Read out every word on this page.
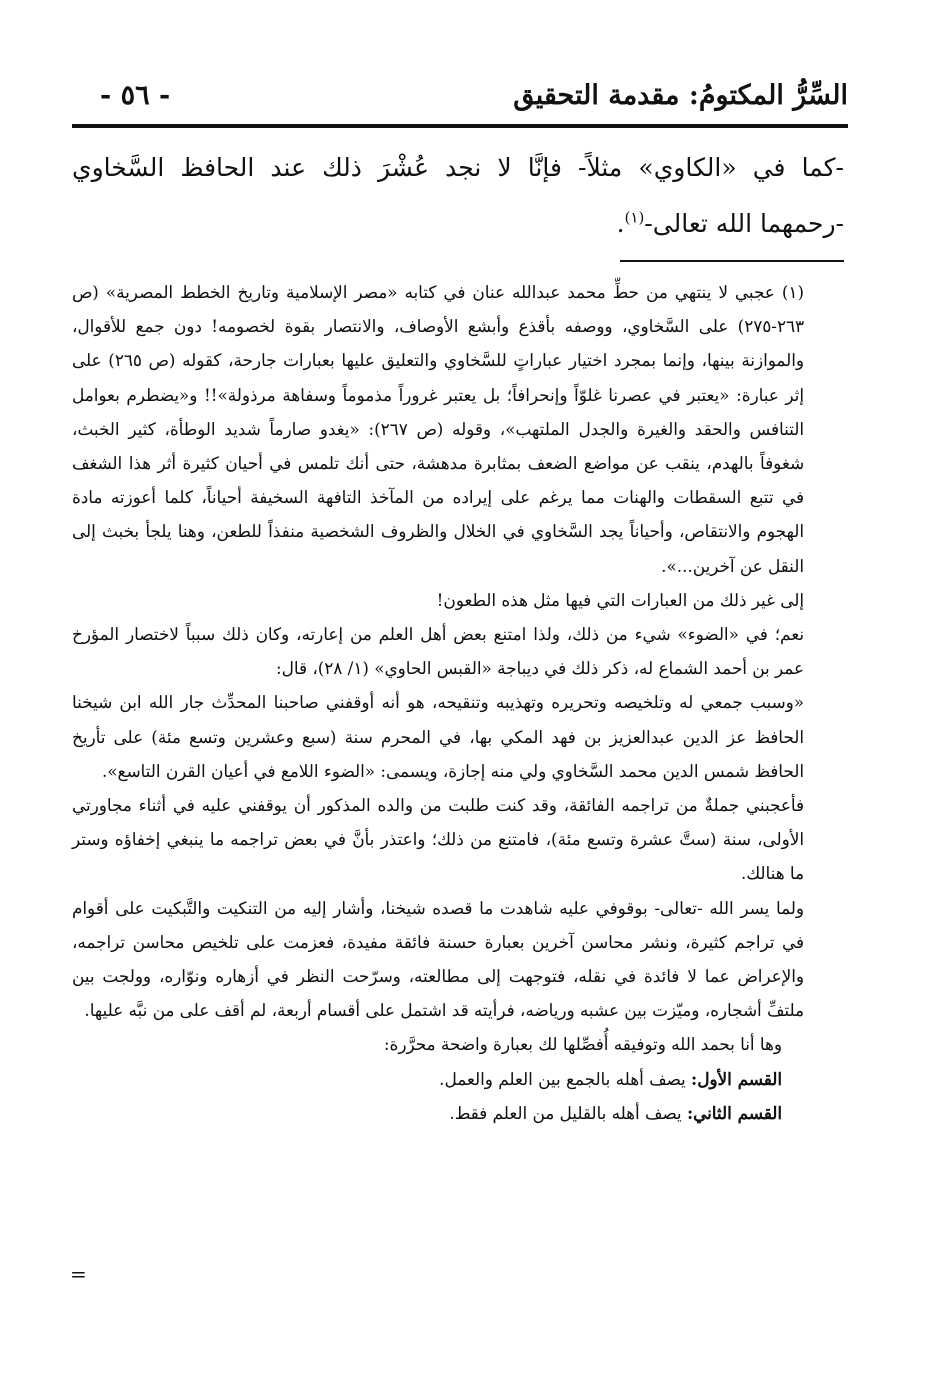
السِّرُّ المكتومُ: مقدمة التحقيق
- ٥٦ -

-كما في «الكاوي» مثلاً- فإنَّا لا نجد عُشْرَ ذلك عند الحافظ السَّخاوي -رحمهما الله تعالى-$^{(١)}$.

(١) عجبي لا ينتهي من حطِّ محمد عبدالله عنان في كتابه «مصر الإسلامية وتاريخ الخطط المصرية» (ص ٢٦٣-٢٧٥) على السَّخاوي، ووصفه بأقذع وأبشع الأوصاف، والانتصار بقوة لخصومه! دون جمع للأقوال، والموازنة بينها، وإنما بمجرد اختيار عباراتٍ للسَّخاوي والتعليق عليها بعبارات جارحة، كقوله (ص ٢٦٥) على إثر عبارة: «يعتبر في عصرنا غلوّاً وإنحرافاً؛ بل يعتبر غروراً مذموماً وسفاهة مرذولة»!! و«يضطرم بعوامل التنافس والحقد والغيرة والجدل الملتهب»، وقوله (ص ٢٦٧): «يغدو صارماً شديد الوطأة، كثير الخبث، شغوفاً بالهدم، ينقب عن مواضع الضعف بمثابرة مدهشة، حتى أنك تلمس في أحيان كثيرة أثر هذا الشغف في تتبع السقطات والهنات مما يرغم على إيراده من المآخذ التافهة السخيفة أحياناً، كلما أعوزته مادة الهجوم والانتقاص، وأحياناً يجد السَّخاوي في الخلال والظروف الشخصية منفذاً للطعن، وهنا يلجأ بخبث إلى النقل عن آخرين...».

إلى غير ذلك من العبارات التي فيها مثل هذه الطعون!

نعم؛ في «الضوء» شيء من ذلك، ولذا امتنع بعض أهل العلم من إعارته، وكان ذلك سبباً لاختصار المؤرخ عمر بن أحمد الشماع له، ذكر ذلك في ديباجة «القبس الحاوي» (١/ ٢٨)، قال:

«وسبب جمعي له وتلخيصه وتحريره وتهذيبه وتنقيحه، هو أنه أوقفني صاحبنا المحدِّث جار الله ابن شيخنا الحافظ عز الدين عبدالعزيز بن فهد المكي بها، في المحرم سنة (سبع وعشرين وتسع مئة) على تأريخ الحافظ شمس الدين محمد السَّخاوي ولي منه إجازة، ويسمى: «الضوء اللامع في أعيان القرن التاسع».

فأعجبني جملةٌ من تراجمه الفائقة، وقد كنت طلبت من والده المذكور أن يوقفني عليه في أثناء مجاورتي الأولى، سنة (ستَّ عشرة وتسع مئة)، فامتنع من ذلك؛ واعتذر بأنَّ في بعض تراجمه ما ينبغي إخفاؤه وستر ما هنالك.

ولما يسر الله -تعالى- بوقوفي عليه شاهدت ما قصده شيخنا، وأشار إليه من التنكيت والتَّبكيت على أقوام في تراجم كثيرة، ونشر محاسن آخرين بعبارة حسنة فائقة مفيدة، فعزمت على تلخيص محاسن تراجمه، والإعراض عما لا فائدة في نقله، فتوجهت إلى مطالعته، وسرّحت النظر في أزهاره ونوّاره، وولجت بين ملتفِّ أشجاره، وميّزت بين عشبه ورياضه، فرأيته قد اشتمل على أقسام أربعة، لم أقف على من نبَّه عليها.

وها أنا بحمد الله وتوفيقه أُفصِّلها لك بعبارة واضحة محرَّرة:

القسم الأول: يصف أهله بالجمع بين العلم والعمل.

القسم الثاني: يصف أهله بالقليل من العلم فقط.

=
